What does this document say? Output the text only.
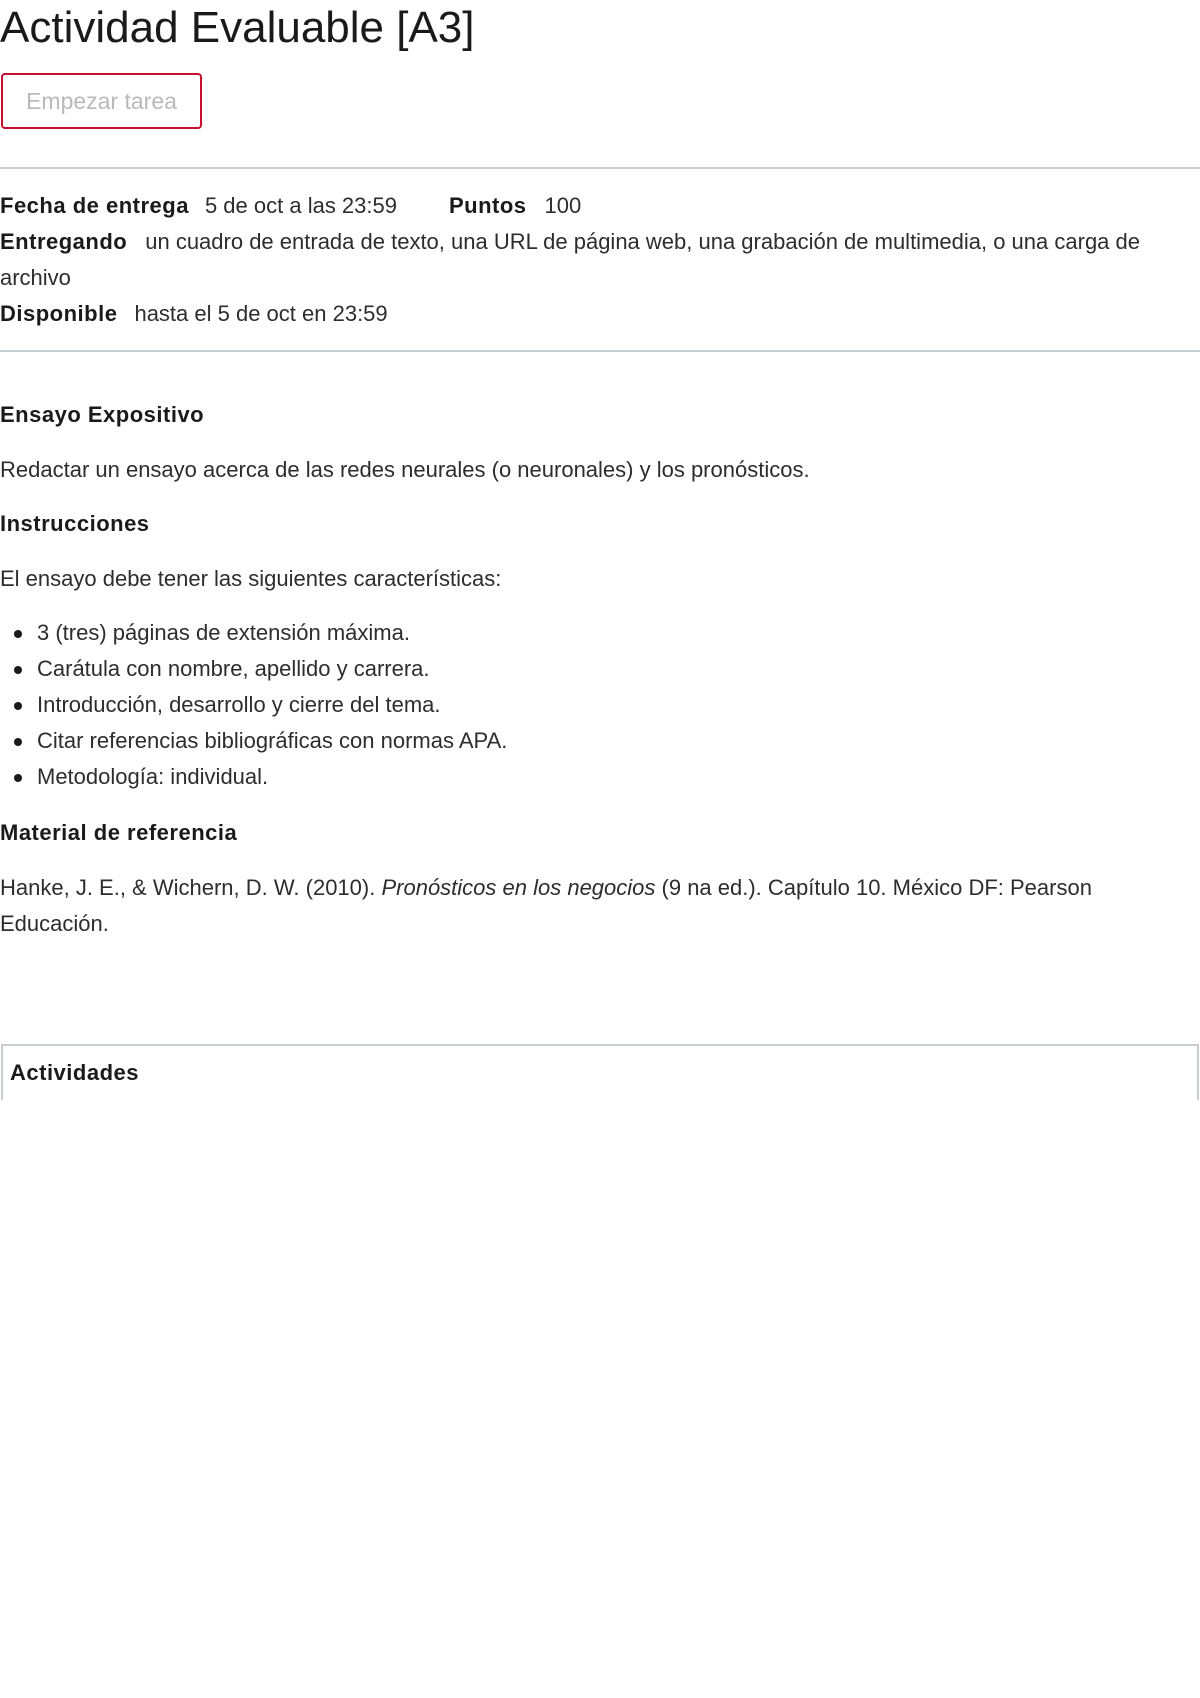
Actividad Evaluable [A3]
Empezar tarea
Fecha de entrega 5 de oct a las 23:59 Puntos 100
Entregando un cuadro de entrada de texto, una URL de página web, una grabación de multimedia, o una carga de archivo
Disponible hasta el 5 de oct en 23:59
Ensayo Expositivo

Redactar un ensayo acerca de las redes neurales (o neuronales) y los pronósticos.

Instrucciones

El ensayo debe tener las siguientes características:

3 (tres) páginas de extensión máxima.
Carátula con nombre, apellido y carrera.
Introducción, desarrollo y cierre del tema.
Citar referencias bibliográficas con normas APA.
Metodología: individual.
Material de referencia

Hanke, J. E., & Wichern, D. W. (2010). Pronósticos en los negocios (9 na ed.). Capítulo 10. México DF: Pearson Educación.

Actividades
